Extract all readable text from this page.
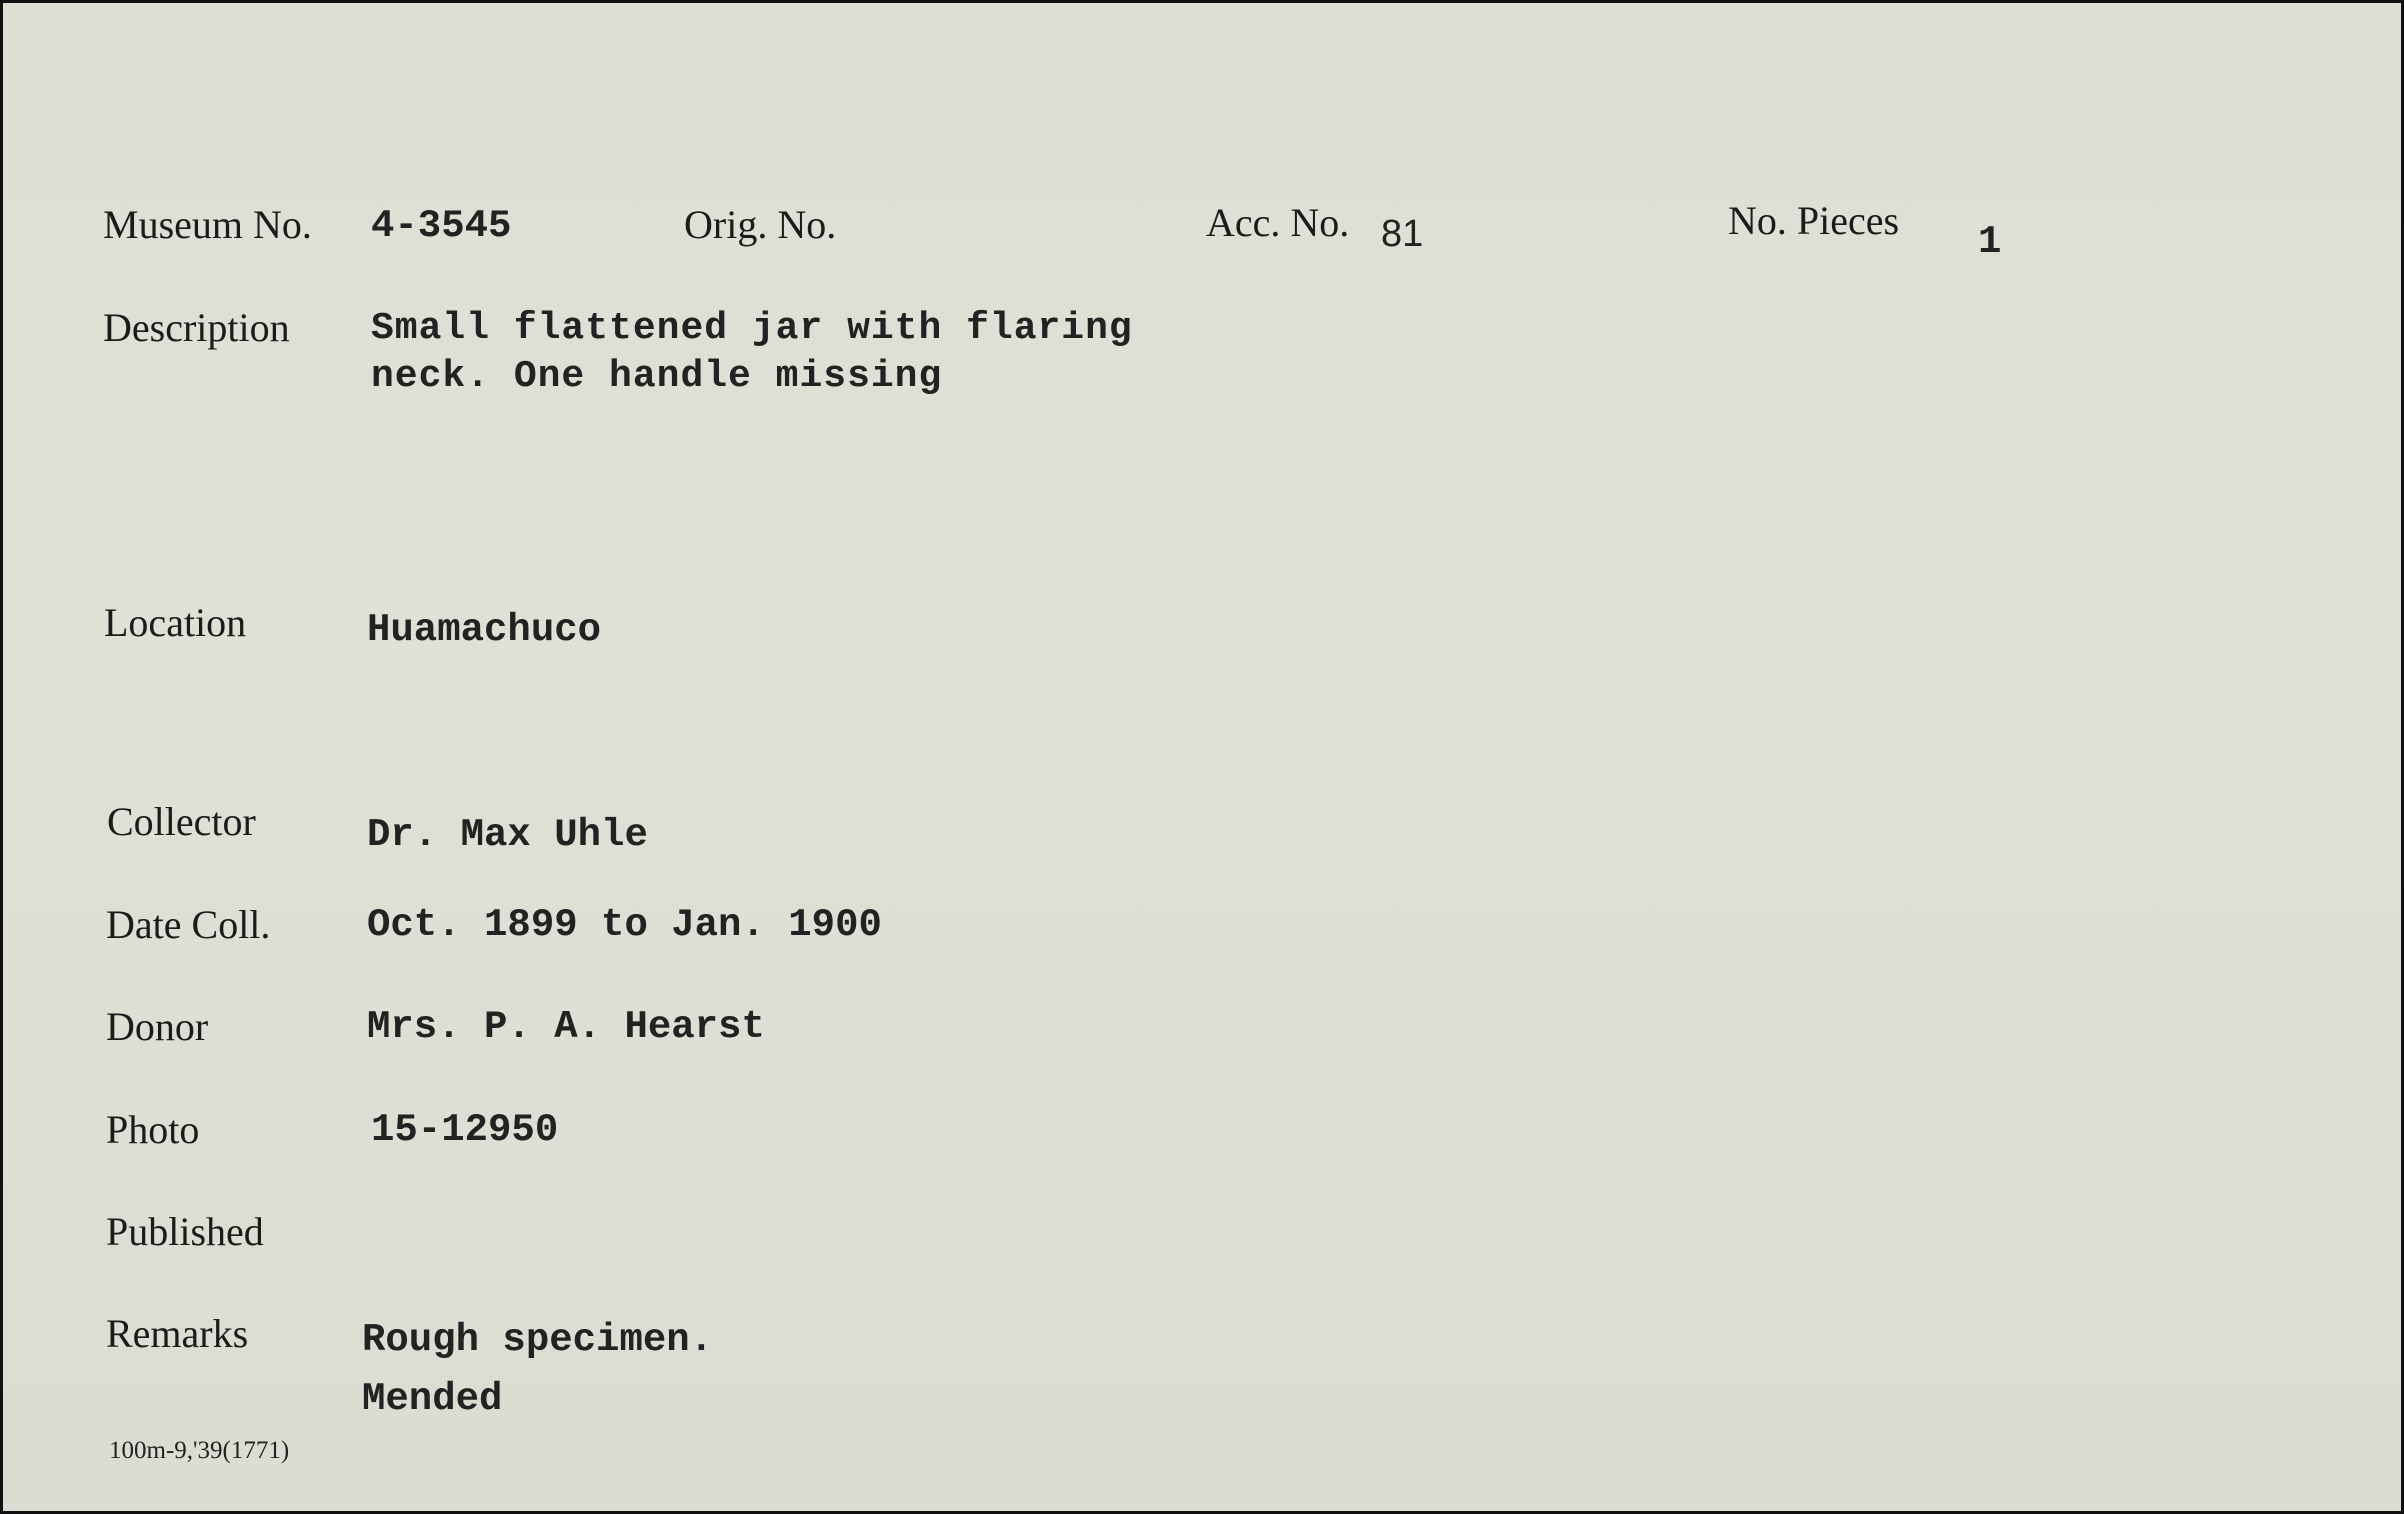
Museum No. 4-3545	Orig. No.	Acc. No. 81	No. Pieces 1
Description Small flattened jar with flaring neck. One handle missing
Location	Huamachuco
Collector	Dr. Max Uhle
Date Coll. Oct. 1899 to Jan. 1900
Donor	Mrs. P. A. Hearst
Photo	15-12950
Published
Remarks	Rough specimen.
Mended
100m-9,'39(1771)
